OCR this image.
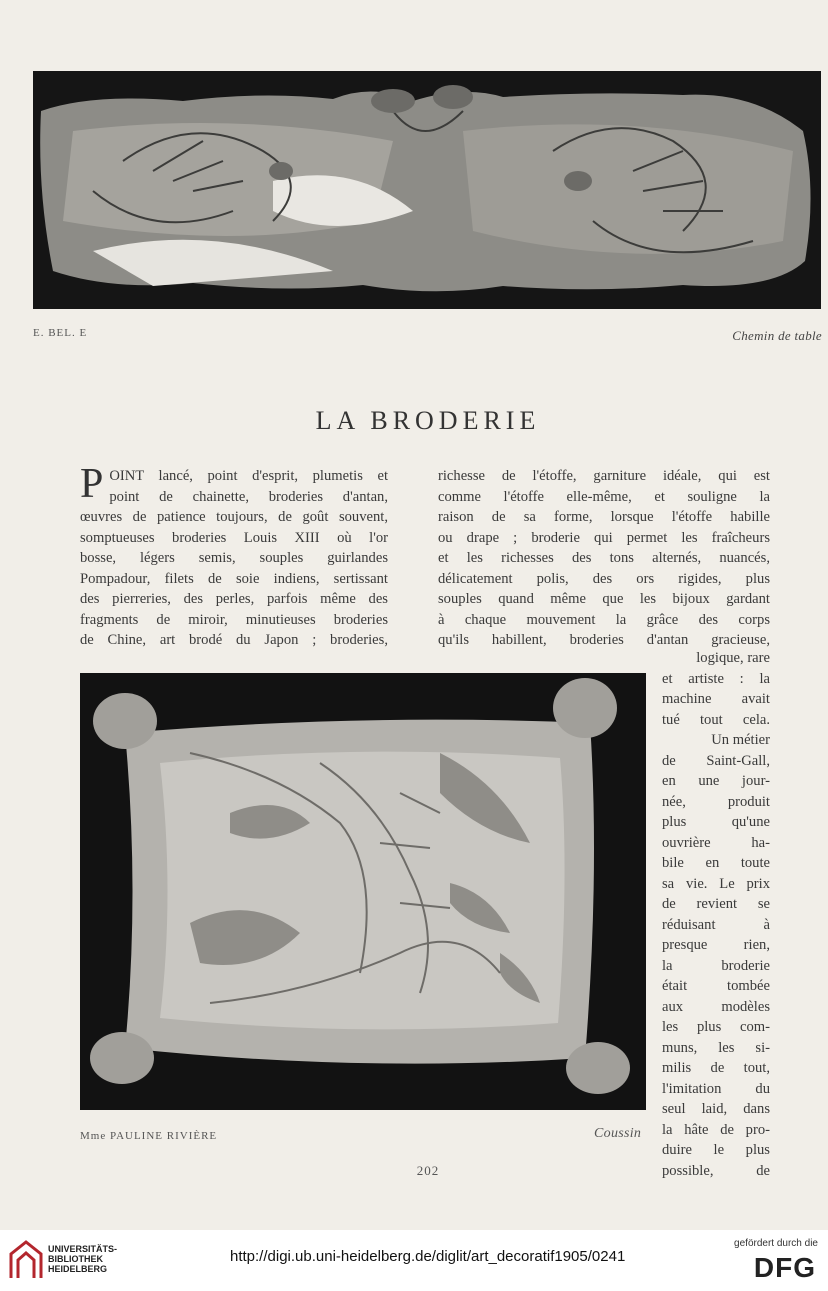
E. BEL. E	Chemin de table
LA BRODERIE
P OINT lancé, point d'esprit, plumetis et
point de chainette, broderies d'antan,
œuvres de patience toujours, de goût souvent,
somptueuses broderies Louis XIII où l'or
bosse, légers semis, souples guirlandes
Pompadour, filets de soie indiens, sertissant
des pierreries, des perles, parfois même des
fragments de miroir, minutieuses broderies
de Chine, art brodé du Japon ; broderies,
richesse de l'étoffe, garniture idéale, qui est
comme l'étoffe elle-même, et souligne la
raison de sa forme, lorsque l'étoffe habille
ou drape ; broderie qui permet les fraîcheurs
et les richesses des tons alternés, nuancés,
délicatement polis, des ors rigides, plus
souples quand même que les bijoux gardant
à chaque mouvement la grâce des corps
qu'ils habillent, broderies d'antan gracieuse,
logique, rare
et artiste : la
machine avait
tué tout cela.
Un métier
de Saint-Gall,
en une jour-
née, produit
plus qu'une
ouvrière ha-
bile en toute
sa vie. Le prix
de revient se
réduisant à
presque rien,
la broderie
était tombée
aux modèles
les plus com-
muns, les si-
milis de tout,
l'imitation du
seul laid, dans
la hâte de pro-
duire le plus
possible, de
Mme PAULINE RIVIÈRE	Coussin
202
UNIVERSITÄTS-
BIBLIOTHEK
HEIDELBERG
http://digi.ub.uni-heidelberg.de/diglit/art_decoratif1905/0241
gefördert durch die
DFG
